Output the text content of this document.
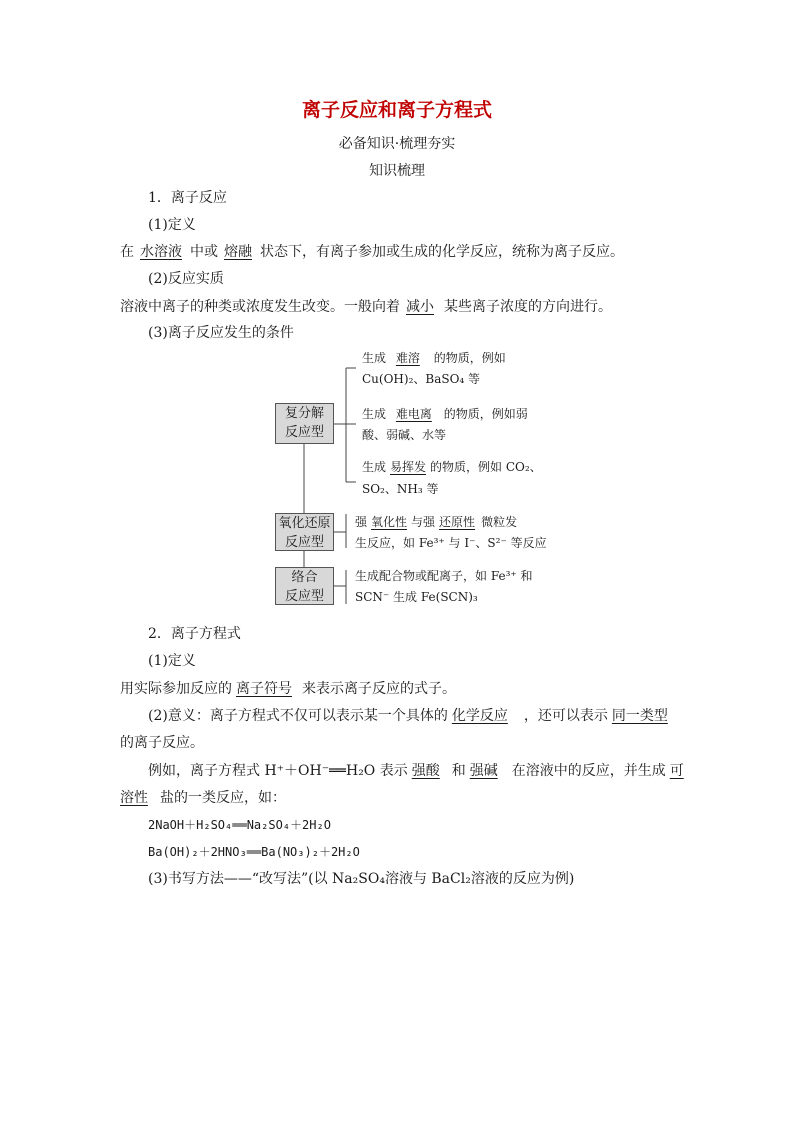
离子反应和离子方程式
必备知识·梳理夯实
知识梳理
1．离子反应
(1)定义
在 水溶液 中或 熔融 状态下，有离子参加或生成的化学反应，统称为离子反应。
(2)反应实质
溶液中离子的种类或浓度发生改变。一般向着 减小 某些离子浓度的方向进行。
(3)离子反应发生的条件
复分解
反应型
氧化还原
反应型
络合
反应型
生成 难溶 的物质，例如
Cu(OH)₂、BaSO₄ 等
生成 难电离 的物质，例如弱
酸、弱碱、水等
生成 易挥发 的物质，例如 CO₂、
SO₂、NH₃ 等
强 氧化性 与强 还原性 微粒发
生反应，如 Fe³⁺ 与 I⁻、S²⁻ 等反应
生成配合物或配离子，如 Fe³⁺ 和
SCN⁻ 生成 Fe(SCN)₃
2．离子方程式
(1)定义
用实际参加反应的 离子符号 来表示离子反应的式子。
(2)意义：离子方程式不仅可以表示某一个具体的 化学反应 ，还可以表示 同一类型
的离子反应。
例如，离子方程式 H⁺＋OH⁻══H₂O 表示 强酸 和 强碱 在溶液中的反应，并生成 可
溶性 盐的一类反应，如：
2NaOH＋H₂SO₄══Na₂SO₄＋2H₂O
Ba(OH)₂＋2HNO₃══Ba(NO₃)₂＋2H₂O
(3)书写方法——“改写法”(以 Na₂SO₄溶液与 BaCl₂溶液的反应为例)
